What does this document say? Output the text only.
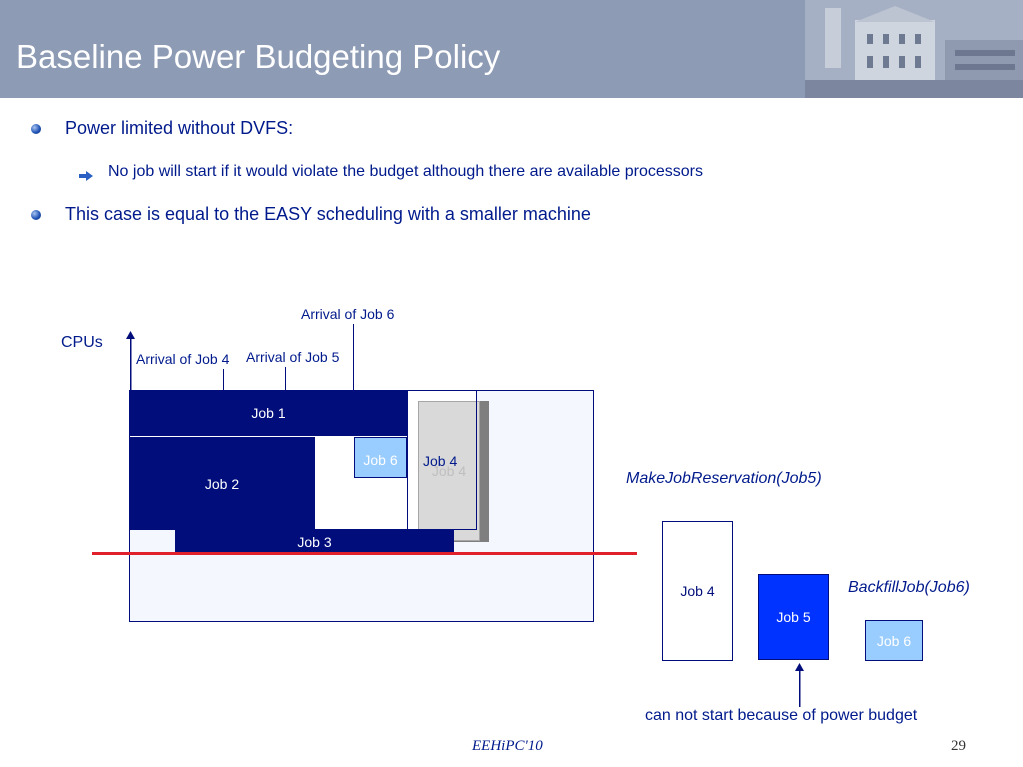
Baseline Power Budgeting Policy
Power limited without DVFS:
No job will start if it would violate the budget although there are available processors
This case is equal to the EASY scheduling with a smaller machine
Arrival of Job 6
Arrival of Job 4 Arrival of Job 5
CPUs
Job 4
Job 4
Job 1
Job 2
Job 3
Job 6
MakeJobReservation(Job5)
Job 4
Job 5
BackfillJob(Job6)
Job 6
can not start because of power budget
EEHiPC'10	29
